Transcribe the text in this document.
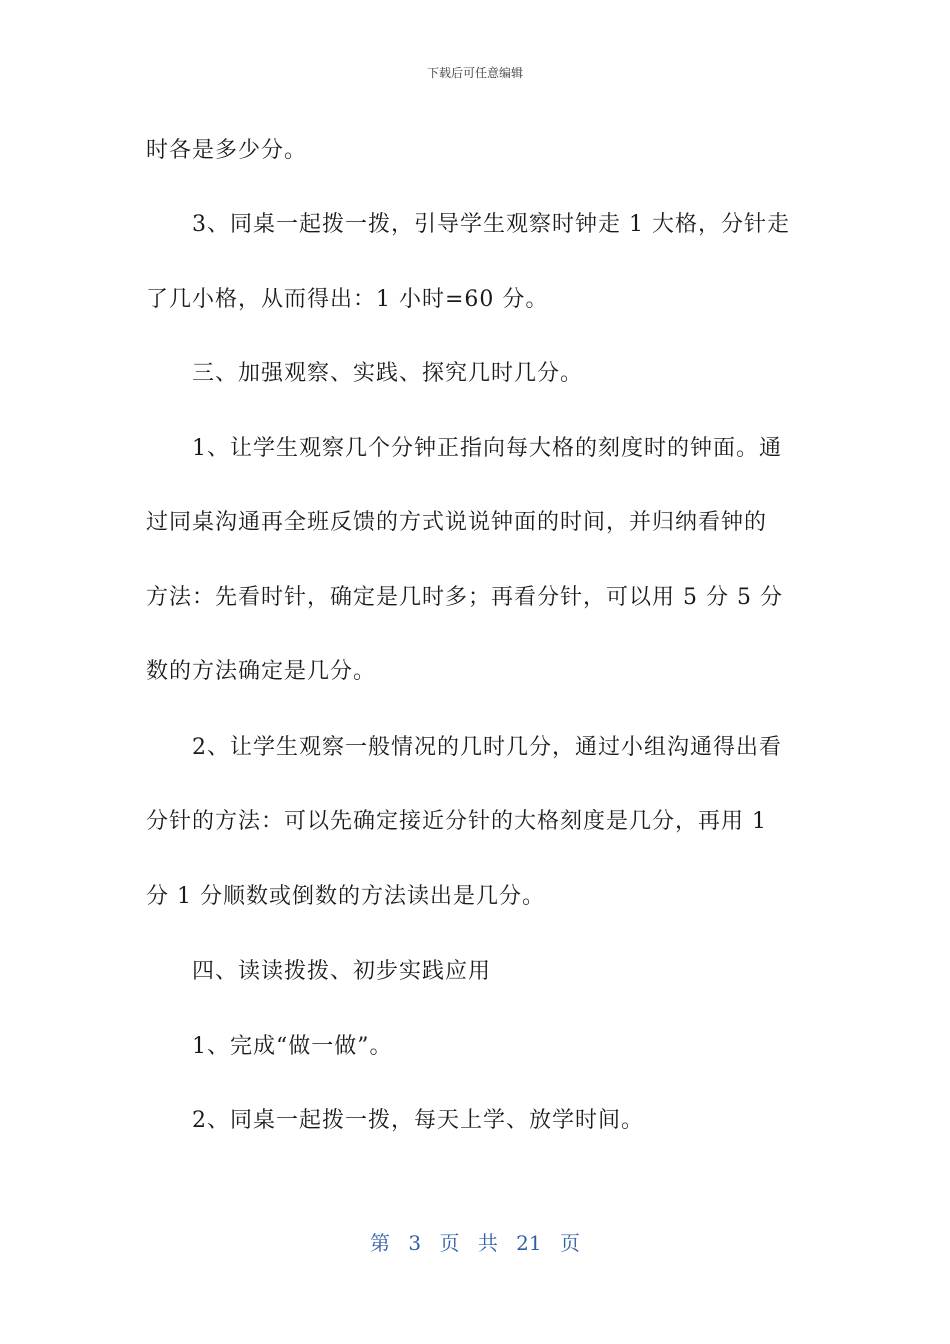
下载后可任意编辑
时各是多少分。
3、同桌一起拨一拨，引导学生观察时钟走 1 大格，分针走
了几小格，从而得出：1 小时=60 分。
三、加强观察、实践、探究几时几分。
1、让学生观察几个分钟正指向每大格的刻度时的钟面。通
过同桌沟通再全班反馈的方式说说钟面的时间，并归纳看钟的
方法：先看时针，确定是几时多；再看分针，可以用 5 分 5 分
数的方法确定是几分。
2、让学生观察一般情况的几时几分，通过小组沟通得出看
分针的方法：可以先确定接近分针的大格刻度是几分，再用 1
分 1 分顺数或倒数的方法读出是几分。
四、读读拨拨、初步实践应用
1、完成“做一做”。
2、同桌一起拨一拨，每天上学、放学时间。
第 3 页 共 21 页
